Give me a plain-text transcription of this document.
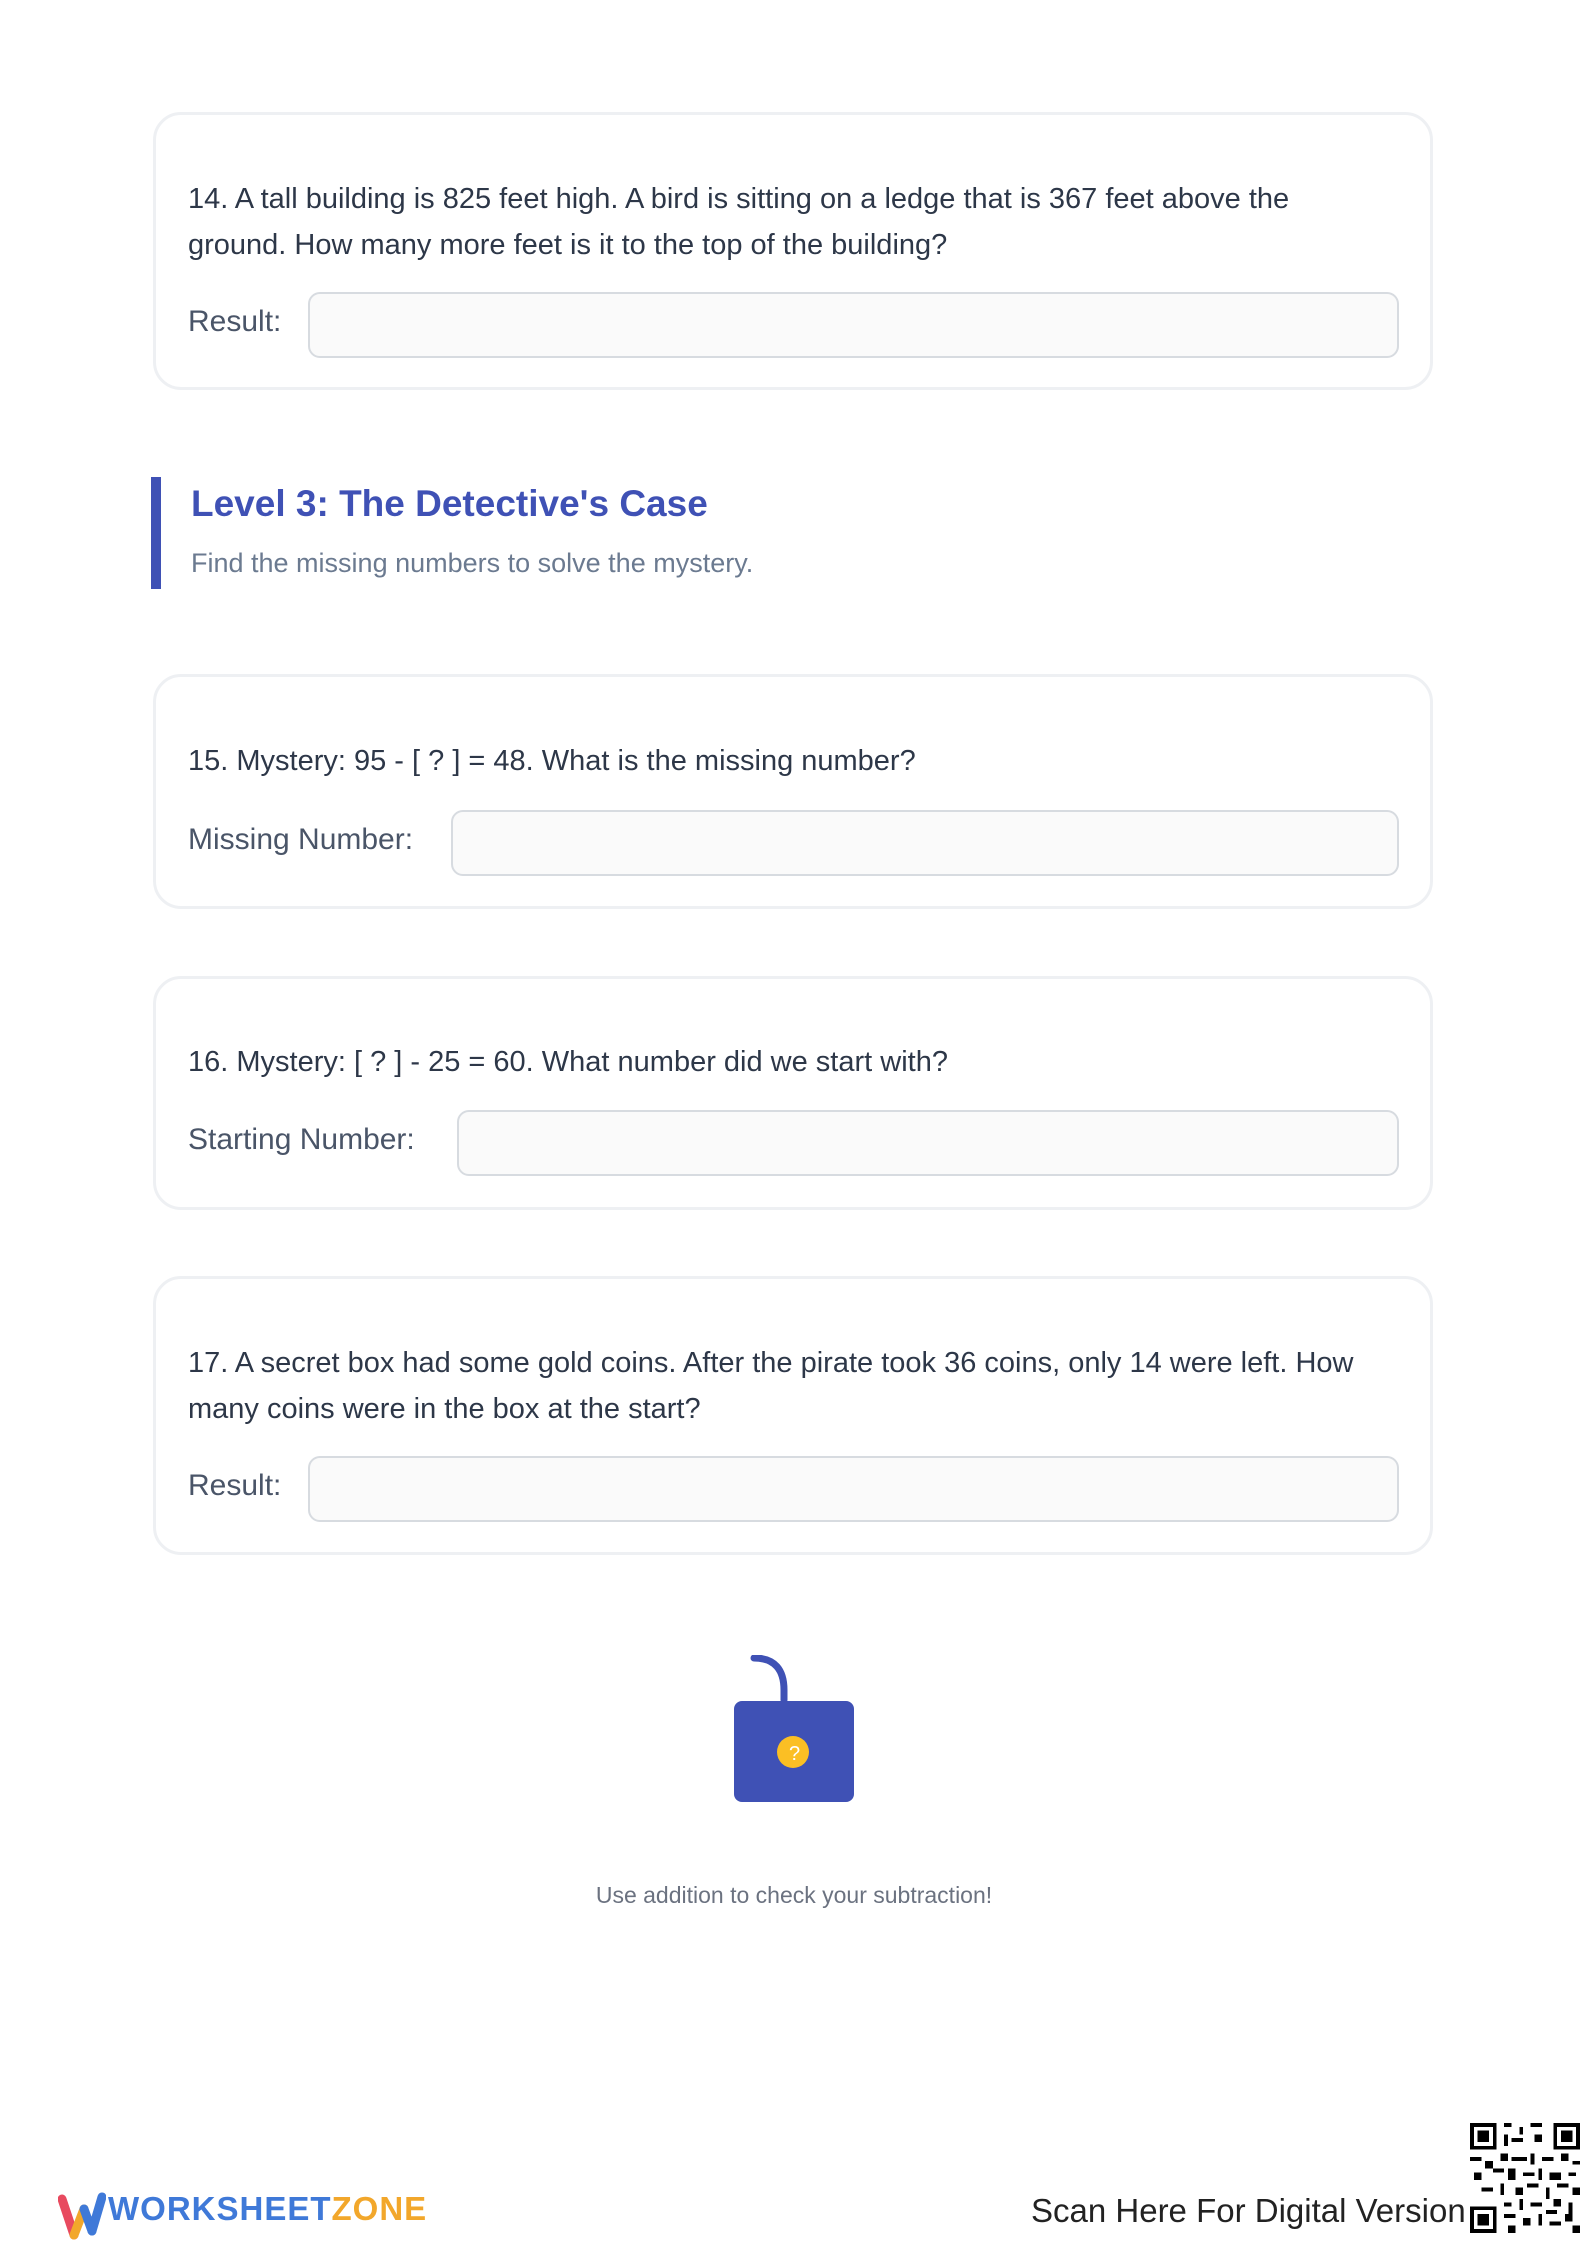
14. A tall building is 825 feet high. A bird is sitting on a ledge that is 367 feet above the ground. How many more feet is it to the top of the building?

Result:
Level 3: The Detective's Case
Find the missing numbers to solve the mystery.

15. Mystery: 95 - [ ? ] = 48. What is the missing number?

Missing Number:

16. Mystery: [ ? ] - 25 = 60. What number did we start with?

Starting Number:

17. A secret box had some gold coins. After the pirate took 36 coins, only 14 were left. How many coins were in the box at the start?

Result:
?
Use addition to check your subtraction!
WORKSHEETZONE	Scan Here For Digital Version
